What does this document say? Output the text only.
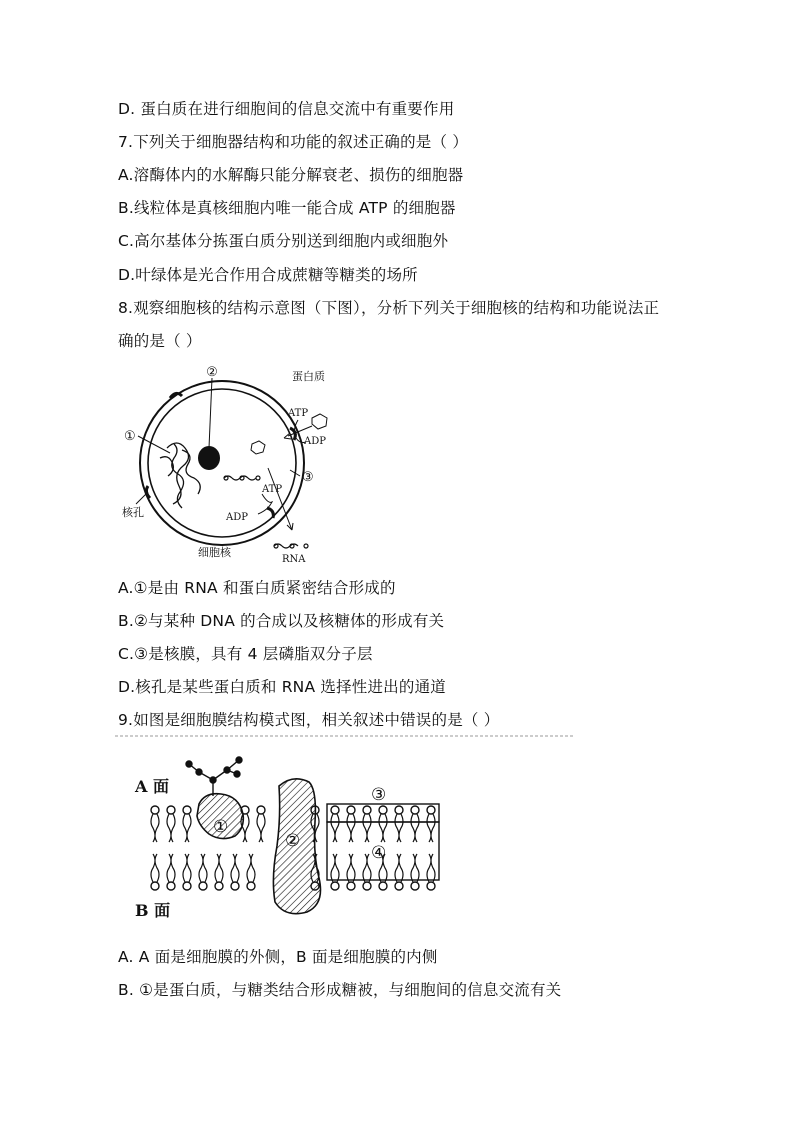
D. 蛋白质在进行细胞间的信息交流中有重要作用
7.下列关于细胞器结构和功能的叙述正确的是（ ）
A.溶酶体内的水解酶只能分解衰老、损伤的细胞器
B.线粒体是真核细胞内唯一能合成 ATP 的细胞器
C.高尔基体分拣蛋白质分别送到细胞内或细胞外
D.叶绿体是光合作用合成蔗糖等糖类的场所
8.观察细胞核的结构示意图（下图），分析下列关于细胞核的结构和功能说法正
确的是（ ）
②
①
③
蛋白质
ATP
ADP
ATP
ADP
核孔
细胞核
RNA
A.①是由 RNA 和蛋白质紧密结合形成的
B.②与某种 DNA 的合成以及核糖体的形成有关
C.③是核膜，具有 4 层磷脂双分子层
D.核孔是某些蛋白质和 RNA 选择性进出的通道
9.如图是细胞膜结构模式图，相关叙述中错误的是（ ）
A 面
B 面
①
②
③
④
A. A 面是细胞膜的外侧，B 面是细胞膜的内侧
B. ①是蛋白质，与糖类结合形成糖被，与细胞间的信息交流有关
